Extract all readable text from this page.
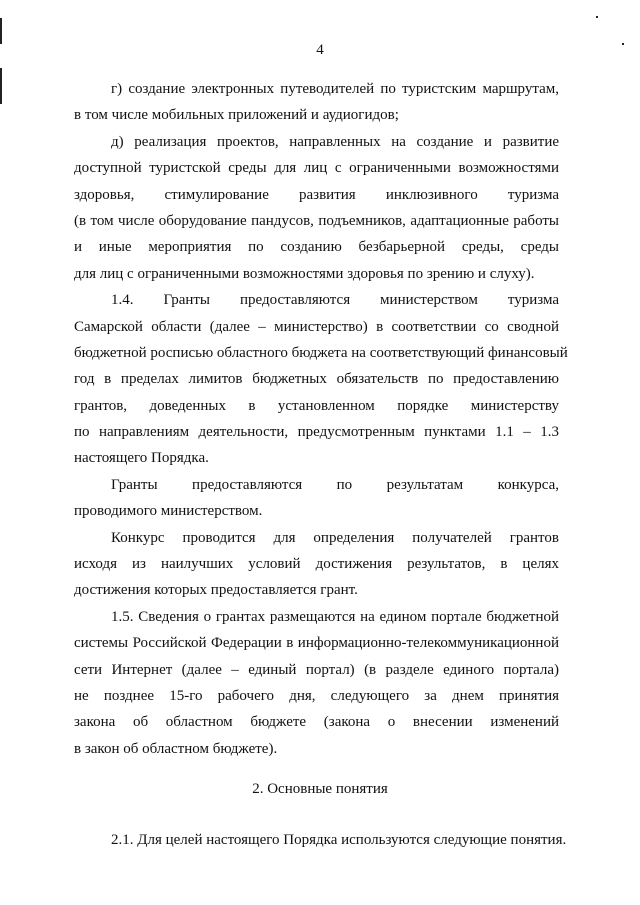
4
г) создание электронных путеводителей по туристским маршрутам,
в том числе мобильных приложений и аудиогидов;
д) реализация проектов, направленных на создание и развитие
доступной туристской среды для лиц с ограниченными возможностями
здоровья, стимулирование развития инклюзивного туризма
(в том числе оборудование пандусов, подъемников, адаптационные работы
и иные мероприятия по созданию безбарьерной среды, среды
для лиц с ограниченными возможностями здоровья по зрению и слуху).
1.4. Гранты предоставляются министерством туризма
Самарской области (далее – министерство) в соответствии со сводной
бюджетной росписью областного бюджета на соответствующий финансовый
год в пределах лимитов бюджетных обязательств по предоставлению
грантов, доведенных в установленном порядке министерству
по направлениям деятельности, предусмотренным пунктами 1.1 – 1.3
настоящего Порядка.
Гранты предоставляются по результатам конкурса,
проводимого министерством.
Конкурс проводится для определения получателей грантов
исходя из наилучших условий достижения результатов, в целях
достижения которых предоставляется грант.
1.5. Сведения о грантах размещаются на едином портале бюджетной
системы Российской Федерации в информационно-телекоммуникационной
сети Интернет (далее – единый портал) (в разделе единого портала)
не позднее 15-го рабочего дня, следующего за днем принятия
закона об областном бюджете (закона о внесении изменений
в закон об областном бюджете).
2. Основные понятия
2.1. Для целей настоящего Порядка используются следующие понятия.
